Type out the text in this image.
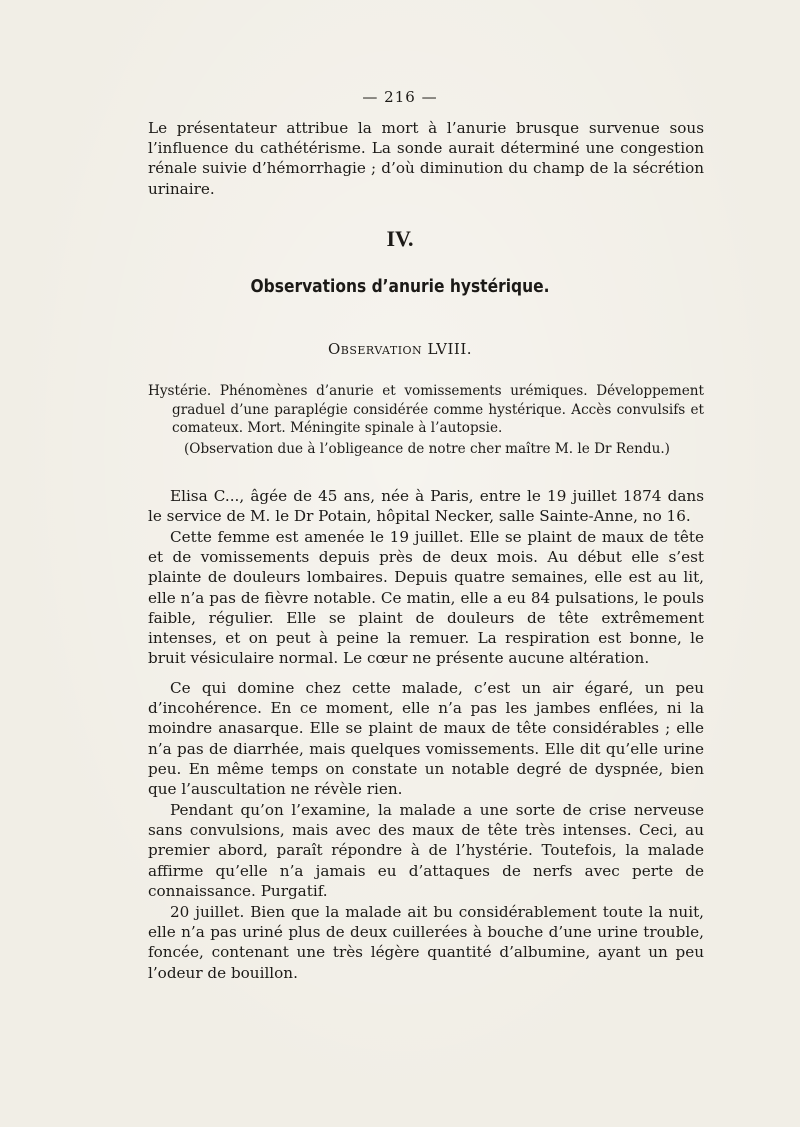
— 216 —

Le présentateur attribue la mort à l’anurie brusque survenue sous l’influence du cathétérisme. La sonde aurait déterminé une congestion rénale suivie d’hémorrhagie ; d’où diminution du champ de la sécrétion urinaire.

IV.
Observations d’anurie hystérique.
Observation LVIII.

Hystérie. Phénomènes d’anurie et vomissements urémiques. Développement graduel d’une paraplégie considérée comme hystérique. Accès convulsifs et comateux. Mort. Méningite spinale à l’autopsie.

(Observation due à l’obligeance de notre cher maître M. le Dr Rendu.)

Elisa C..., âgée de 45 ans, née à Paris, entre le 19 juillet 1874 dans le service de M. le Dr Potain, hôpital Necker, salle Sainte-Anne, no 16.

Cette femme est amenée le 19 juillet. Elle se plaint de maux de tête et de vomissements depuis près de deux mois. Au début elle s’est plainte de douleurs lombaires. Depuis quatre semaines, elle est au lit, elle n’a pas de fièvre notable. Ce matin, elle a eu 84 pulsations, le pouls faible, régulier. Elle se plaint de douleurs de tête extrêmement intenses, et on peut à peine la remuer. La respiration est bonne, le bruit vésiculaire normal. Le cœur ne présente aucune altération.

Ce qui domine chez cette malade, c’est un air égaré, un peu d’incohérence. En ce moment, elle n’a pas les jambes enflées, ni la moindre anasarque. Elle se plaint de maux de tête considérables ; elle n’a pas de diarrhée, mais quelques vomissements. Elle dit qu’elle urine peu. En même temps on constate un notable degré de dyspnée, bien que l’auscultation ne révèle rien.

Pendant qu’on l’examine, la malade a une sorte de crise nerveuse sans convulsions, mais avec des maux de tête très intenses. Ceci, au premier abord, paraît répondre à de l’hystérie. Toutefois, la malade affirme qu’elle n’a jamais eu d’attaques de nerfs avec perte de connaissance. Purgatif.

20 juillet. Bien que la malade ait bu considérablement toute la nuit, elle n’a pas uriné plus de deux cuillerées à bouche d’une urine trouble, foncée, contenant une très légère quantité d’albumine, ayant un peu l’odeur de bouillon.
